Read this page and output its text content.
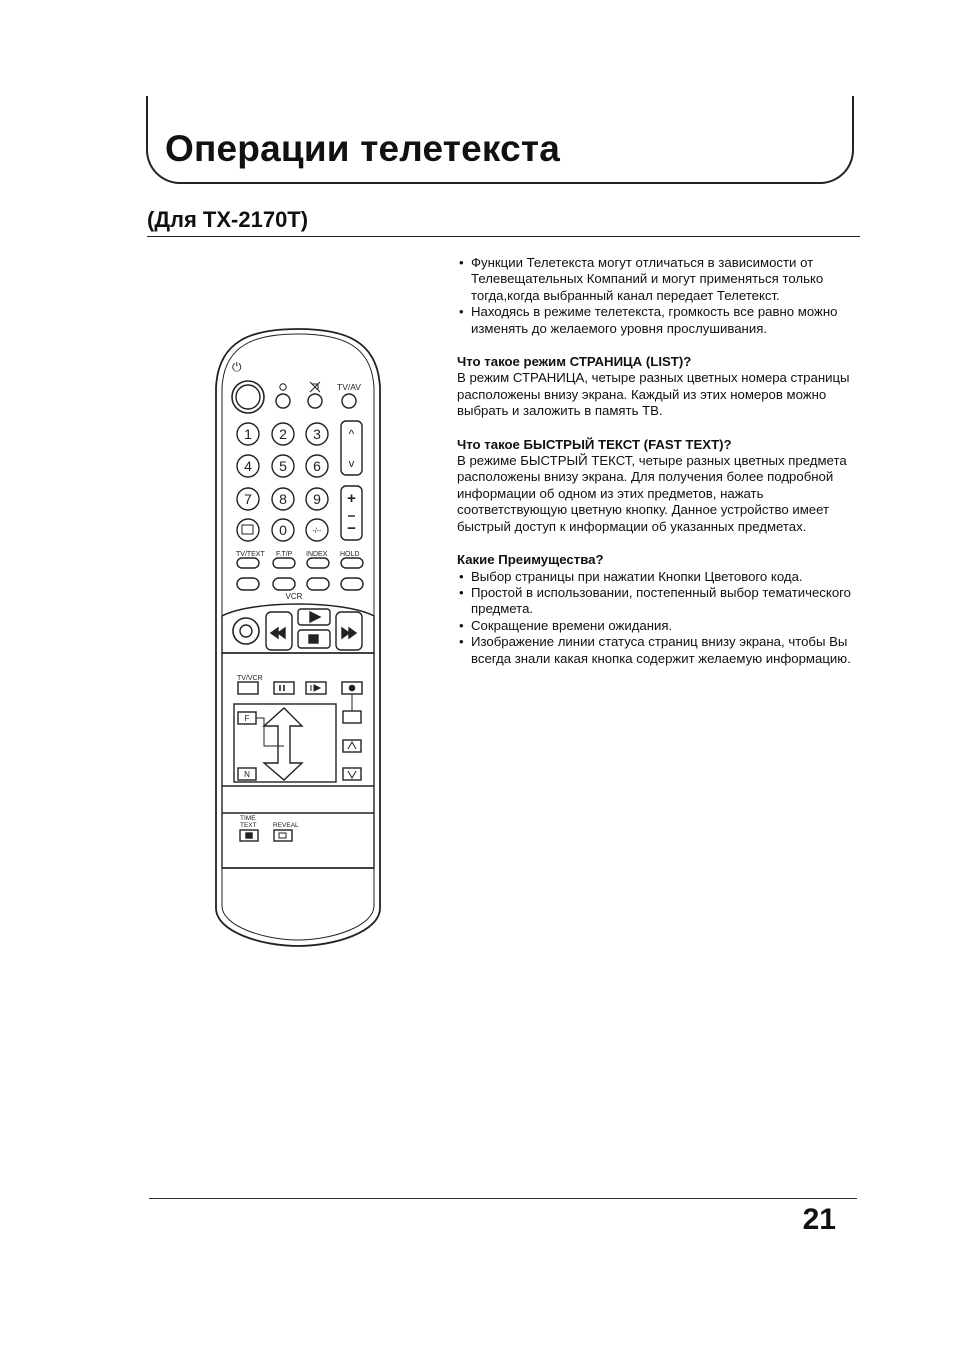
Операции телетекста
(Для TX-2170T)

• Функции Телетекста могут отличаться в зависимости от Телевещательных Компаний и могут применяться только тогда,когда выбранный канал передает Телетекст.

• Находясь в режиме телетекста, громкость все равно можно изменять до желаемого уровня прослушивания.

Что такое режим СТРАНИЦА (LIST)?

В режим СТРАНИЦА, четыре разных цветных номера страницы расположены внизу экрана. Каждый из этих номеров можно выбрать и заложить в память ТВ.

Что такое БЫСТРЫЙ ТЕКСТ (FAST TEXT)?

В режиме БЫСТРЫЙ ТЕКСТ, четыре разных цветных предмета расположены внизу экрана. Для получения более подробной информации об одном из этих предметов, нажать соответствующую цветную кнопку. Данное устройство имеет быстрый доступ к информации об указанных предметах.

Какие Преимущества?

• Выбор страницы при нажатии Кнопки Цветового кода.

• Простой в использовании, постепенный выбор тематического предмета.

• Сокращение времени ожидания.

• Изображение линии статуса страниц внизу экрана, чтобы Вы всегда знали какая кнопка содержит желаемую информацию.

⏻
TV/AV
1 2 3
4 5 6
7 8 9
0	-/--
^
v
+
−
TV/TEXT F.T/P INDEX HOLD
VCR
TV/VCR
F
N
TIME
TEXT	REVEAL
21
